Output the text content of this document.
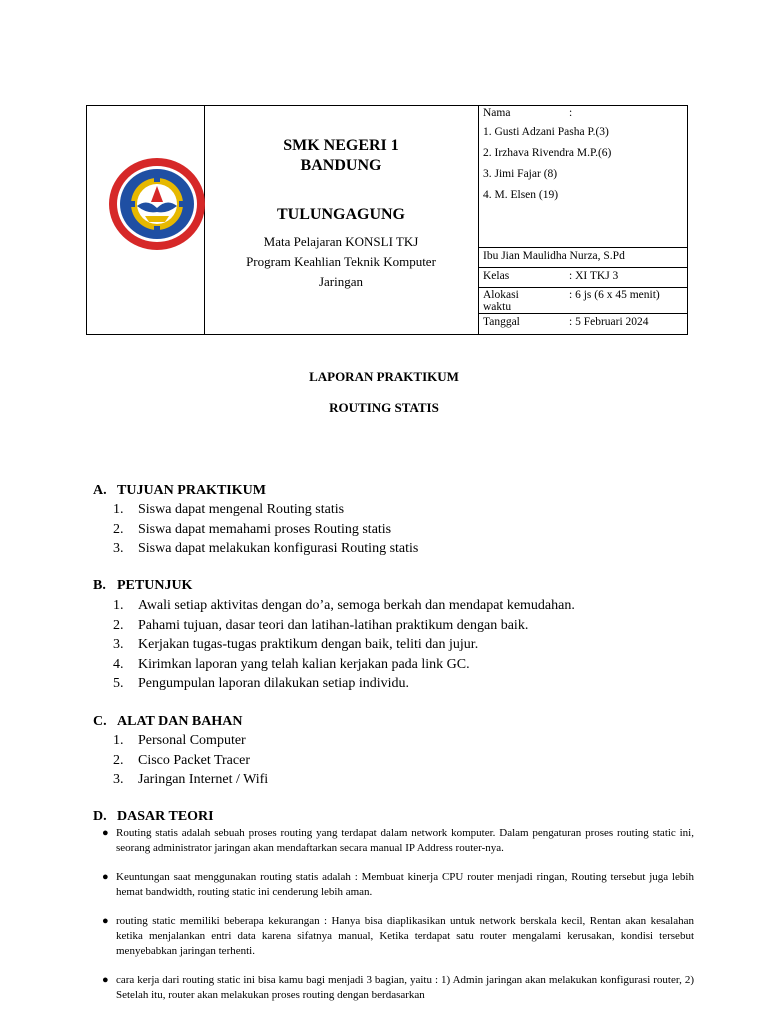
SMK NEGERI 1
BANDUNG
TULUNGAGUNG
Mata Pelajaran KONSLI TKJ
Program Keahlian Teknik Komputer
Jaringan
Nama	:
1. Gusti Adzani Pasha P.(3)
2. Irzhava Rivendra M.P.(6)
3. Jimi Fajar (8)
4. M. Elsen (19)
Ibu Jian Maulidha Nurza, S.Pd
Kelas	: XI TKJ 3
Alokasi
waktu
: 6 js (6 x 45 menit)
Tanggal	: 5 Februari 2024
LAPORAN PRAKTIKUM
ROUTING STATIS
A. TUJUAN PRAKTIKUM
1. Siswa dapat mengenal Routing statis
2. Siswa dapat memahami proses Routing statis
3. Siswa dapat melakukan konfigurasi Routing statis
B. PETUNJUK
1. Awali setiap aktivitas dengan do’a, semoga berkah dan mendapat kemudahan.
2. Pahami tujuan, dasar teori dan latihan-latihan praktikum dengan baik.
3. Kerjakan tugas-tugas praktikum dengan baik, teliti dan jujur.
4. Kirimkan laporan yang telah kalian kerjakan pada link GC.
5. Pengumpulan laporan dilakukan setiap individu.
C. ALAT DAN BAHAN
1. Personal Computer
2. Cisco Packet Tracer
3. Jaringan Internet / Wifi
D. DASAR TEORI
● Routing statis adalah sebuah proses routing yang terdapat dalam network komputer. Dalam pengaturan proses routing static ini, seorang administrator jaringan akan mendaftarkan secara manual IP Address router-nya.
● Keuntungan saat menggunakan routing statis adalah : Membuat kinerja CPU router menjadi ringan, Routing tersebut juga lebih hemat bandwidth, routing static ini cenderung lebih aman.
● routing static memiliki beberapa kekurangan : Hanya bisa diaplikasikan untuk network berskala kecil, Rentan akan kesalahan ketika menjalankan entri data karena sifatnya manual, Ketika terdapat satu router mengalami kerusakan, kondisi tersebut menyebabkan jaringan terhenti.
● cara kerja dari routing static ini bisa kamu bagi menjadi 3 bagian, yaitu : 1) Admin jaringan akan melakukan konfigurasi router, 2) Setelah itu, router akan melakukan proses routing dengan berdasarkan
